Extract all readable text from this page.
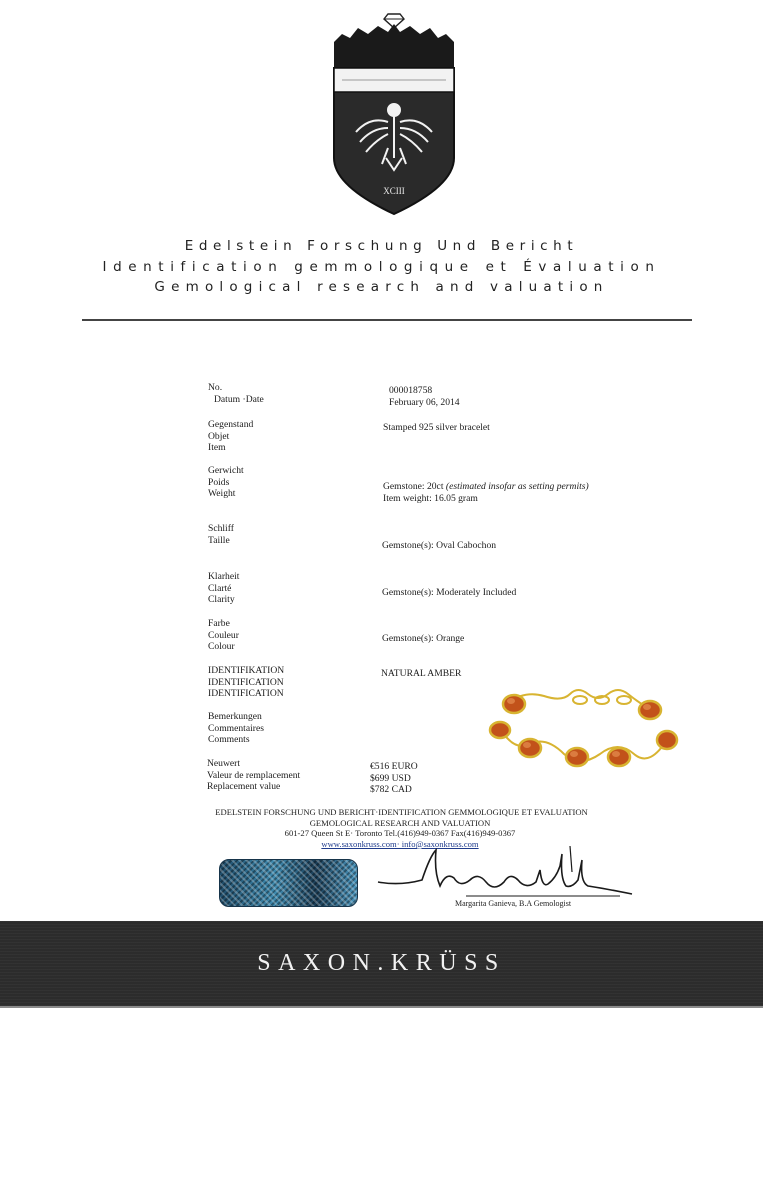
XCIII
Edelstein Forschung Und Bericht
Identification gemmologique et Évaluation
Gemological research and valuation
No.
Datum ·Date
000018758
February 06, 2014
Gegenstand
Objet
Item
Stamped 925 silver bracelet
Gerwicht
Poids
Weight
Gemstone: 20ct (estimated insofar as setting permits)
Item weight: 16.05 gram
Schliff
Taille	Gemstone(s): Oval Cabochon
Klarheit
Clarté
Clarity
Gemstone(s): Moderately Included
Farbe
Couleur
Colour
Gemstone(s): Orange
IDENTIFIKATION
IDENTIFICATION
IDENTIFICATION
NATURAL AMBER
Bemerkungen
Commentaires
Comments
Neuwert
Valeur de remplacement
Replacement value
€516 EURO
$699 USD
$782 CAD
EDELSTEIN FORSCHUNG UND BERICHT·IDENTIFICATION GEMMOLOGIQUE ET EVALUATION
GEMOLOGICAL RESEARCH AND VALUATION
601-27 Queen St E· Toronto Tel.(416)949-0367 Fax(416)949-0367
www.saxonkruss.com· info@saxonkruss.com
Margarita Ganieva, B.A Gemologist
SAXON.KRÜSS
